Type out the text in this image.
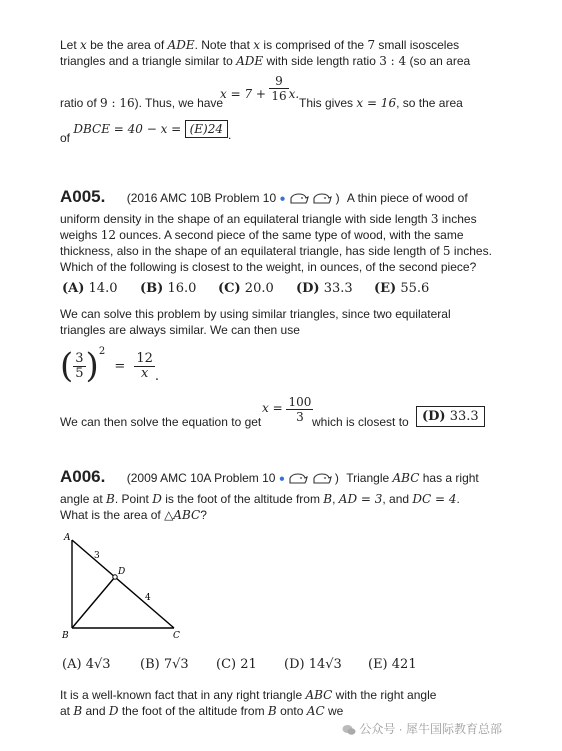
Let x be the area of ADE. Note that x is comprised of the 7 small isosceles
triangles and a triangle similar to ADE with side length ratio 3 : 4 (so an area
ratio of 9 : 16). Thus, we have
$x = 7 + \frac{9}{16} x$.
This gives x = 16, so the area
of DBCE = 40 − x = (E)24 .
A005. (2016 AMC 10B Problem 10 ●	) A thin piece of wood of
uniform density in the shape of an equilateral triangle with side length 3 inches
weighs 12 ounces. A second piece of the same type of wood, with the same
thickness, also in the shape of an equilateral triangle, has side length of 5 inches.
Which of the following is closest to the weight, in ounces, of the second piece?
(A) 14.0 (B) 16.0 (C) 20.0 (D) 33.3 (E) 55.6
We can solve this problem by using similar triangles, since two equilateral
triangles are always similar. We can then use
( $\frac{3}{5} )^2 = \frac{12}{x}$ .
We can then solve the equation to get
$x = \frac{100}{3}$
which is closest to	(D) 33.3
A006. (2009 AMC 10A Problem 10 ●	) Triangle ABC has a right
angle at B. Point D is the foot of the altitude from B, AD = 3, and DC = 4.
What is the area of △ABC?
A
B	C
D
3
4
(A) 4√3 (B) 7√3 (C) 21 (D) 14√3 (E) 421
It is a well-known fact that in any right triangle ABC with the right angle
at B and D the foot of the altitude from B onto AC we
公众号 · 犀牛国际教育总部
